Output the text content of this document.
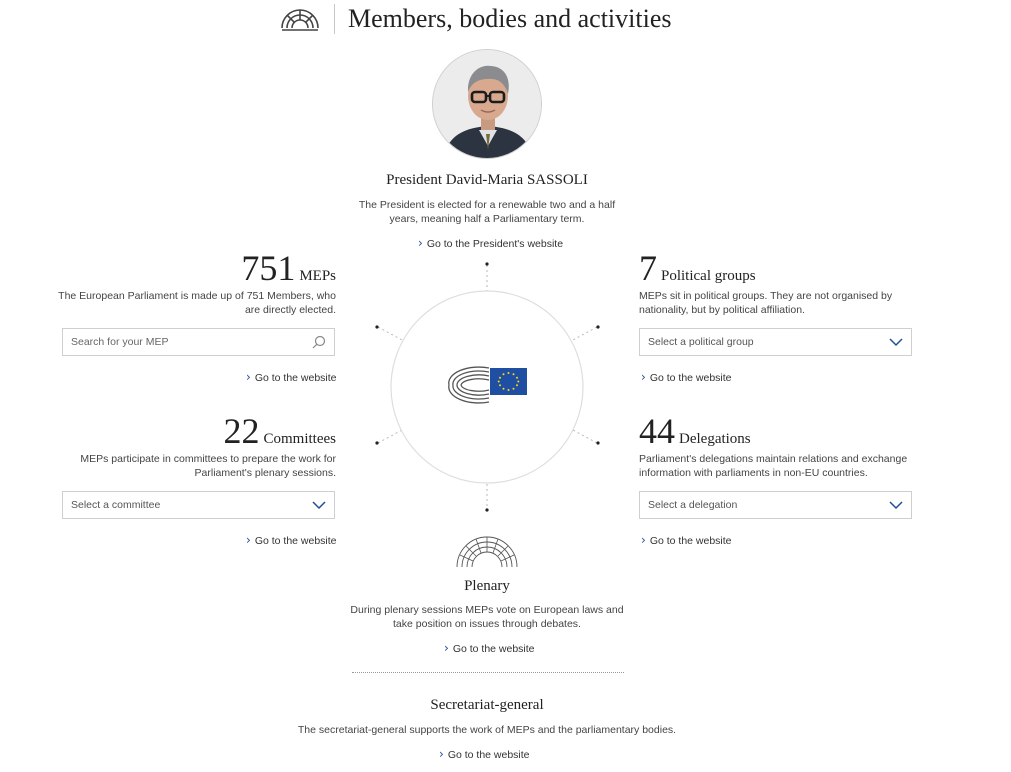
Members, bodies and activities
President David-Maria SASSOLI
The President is elected for a renewable two and a half
years, meaning half a Parliamentary term.
› Go to the President's website
751 MEPs
The European Parliament is made up of 751 Members, who
are directly elected.
Search for your MEP
› Go to the website
22 Committees
MEPs participate in committees to prepare the work for
Parliament's plenary sessions.
Select a committee
› Go to the website
7 Political groups
MEPs sit in political groups. They are not organised by
nationality, but by political affiliation.
Select a political group
› Go to the website
44 Delegations
Parliament's delegations maintain relations and exchange
information with parliaments in non-EU countries.
Select a delegation
› Go to the website
Plenary
During plenary sessions MEPs vote on European laws and
take position on issues through debates.
› Go to the website
Secretariat-general
The secretariat-general supports the work of MEPs and the parliamentary bodies.
› Go to the website
